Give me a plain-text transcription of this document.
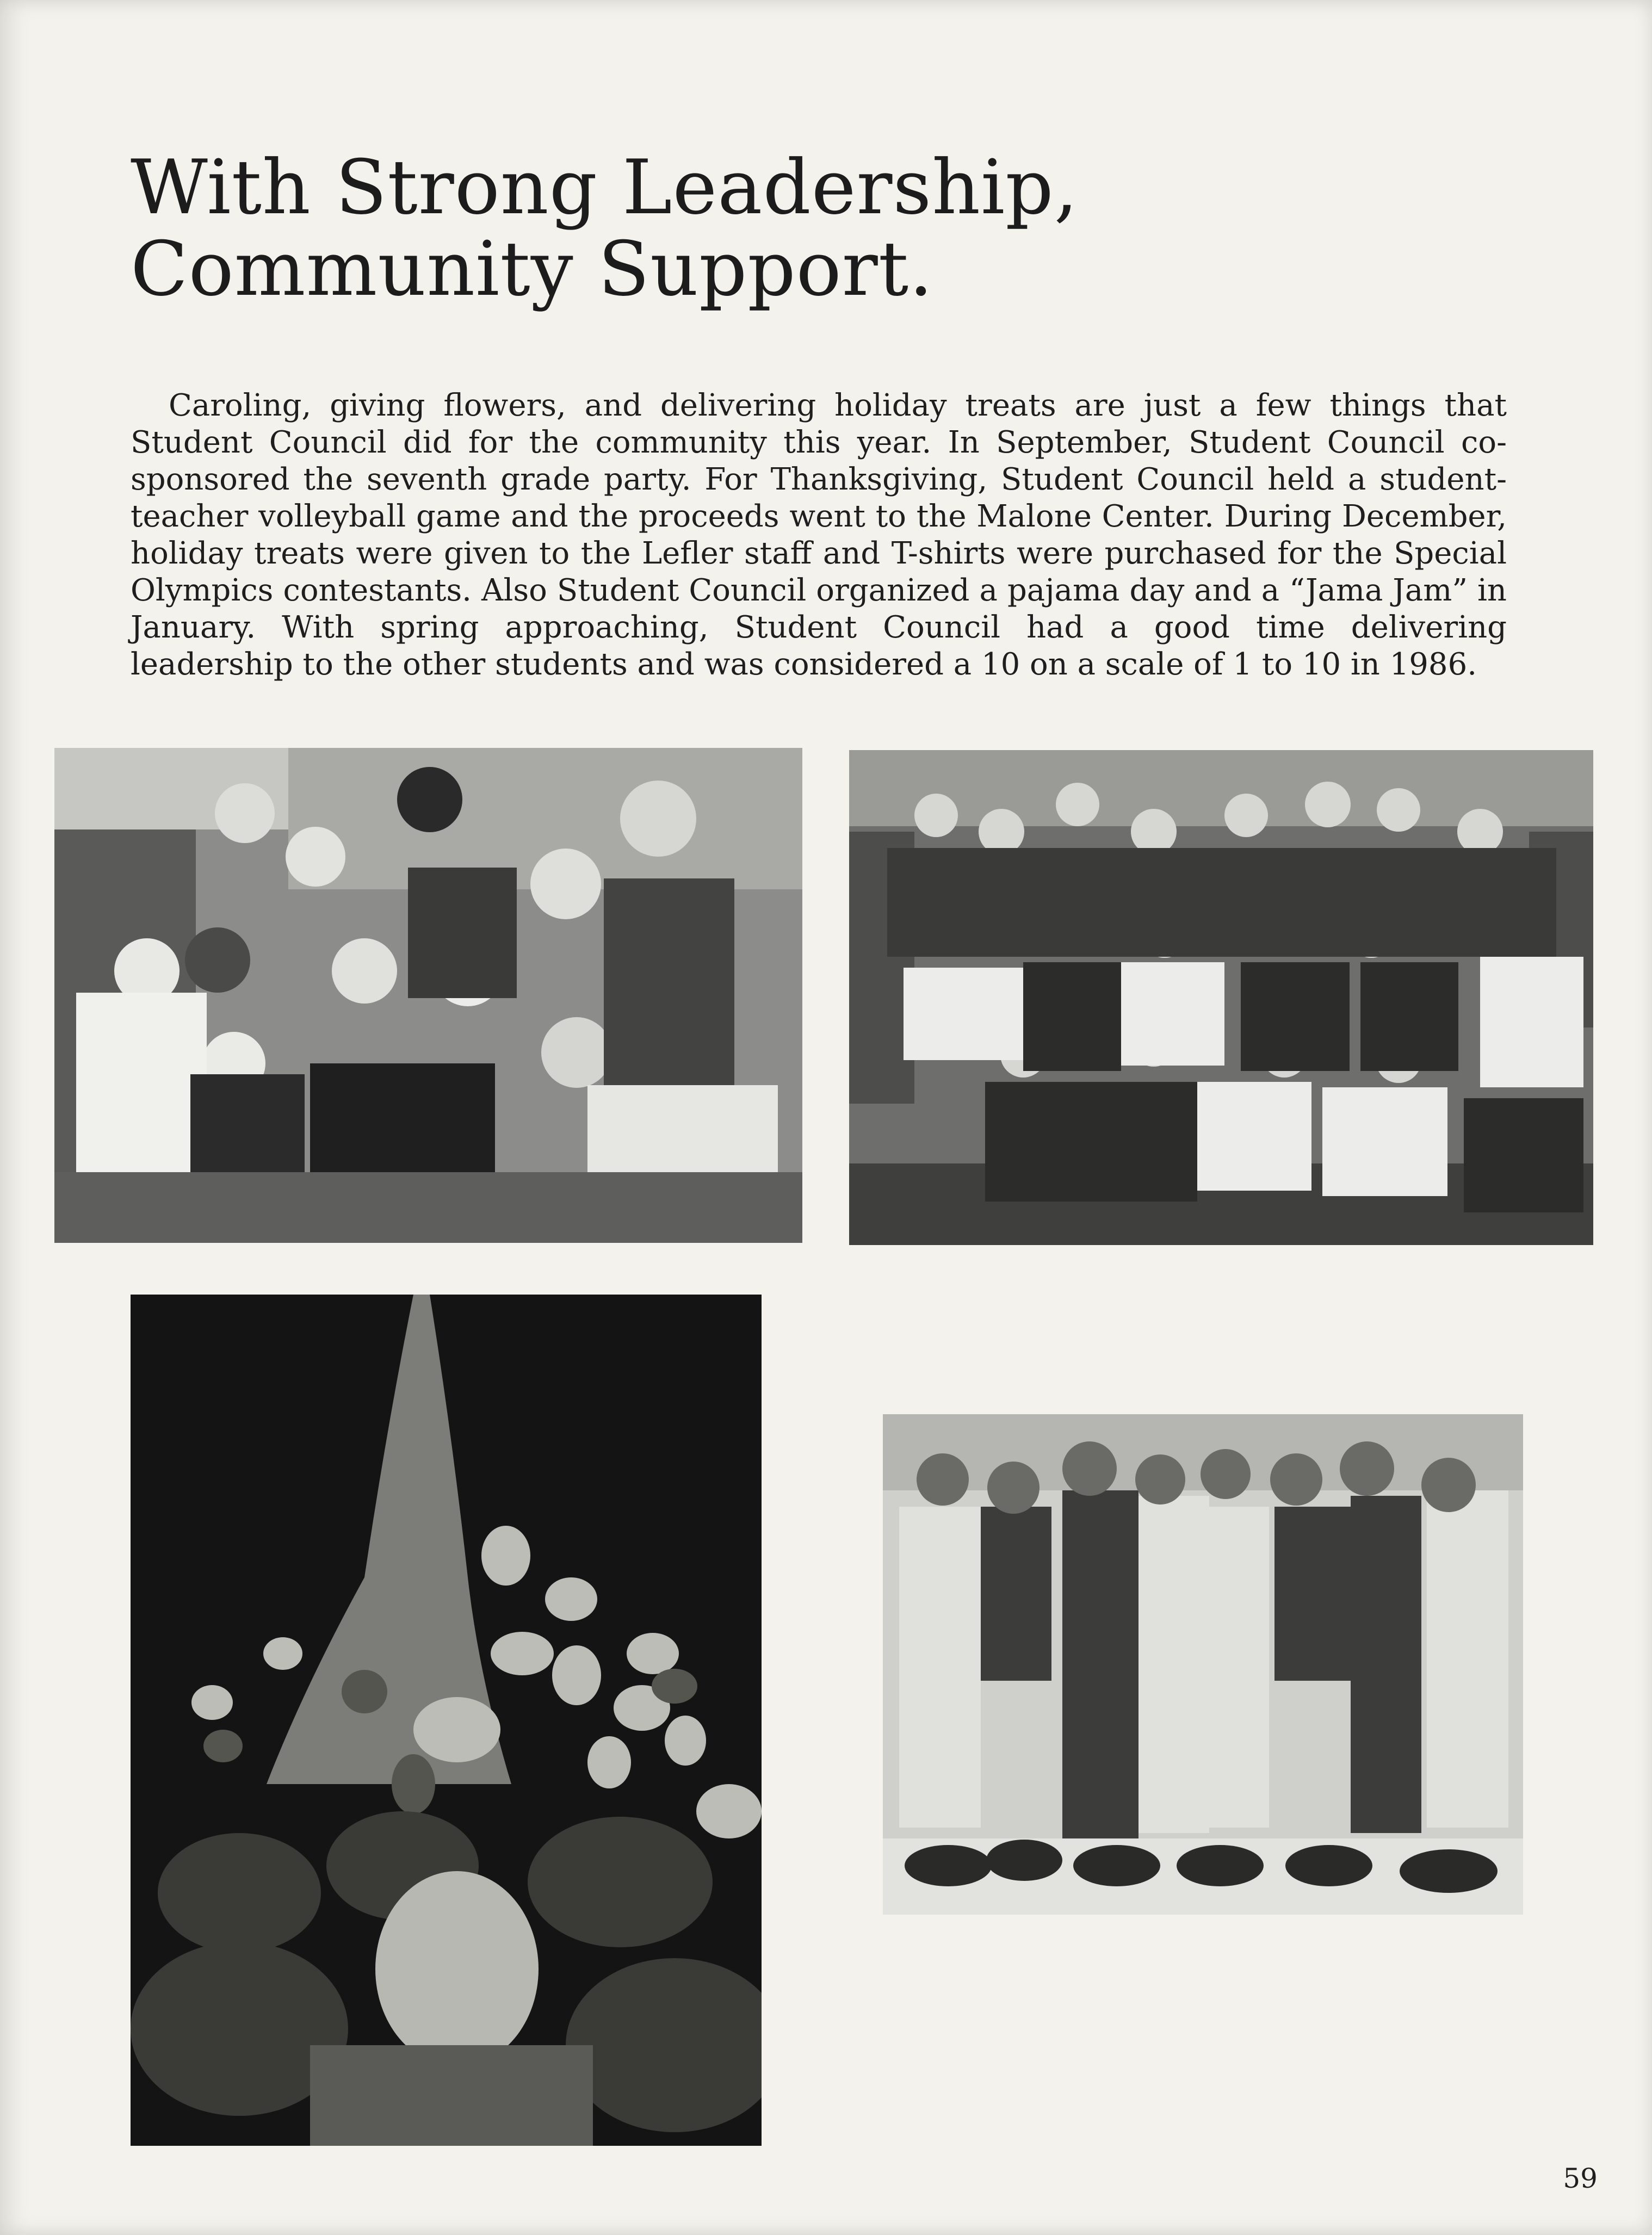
With Strong Leadership,
Community Support.

Caroling, giving flowers, and delivering holiday treats are just a few things that Student Council did for the community this year. In September, Student Council co-sponsored the seventh grade party. For Thanksgiving, Student Council held a student-teacher volleyball game and the proceeds went to the Malone Center. During December, holiday treats were given to the Lefler staff and T-shirts were purchased for the Special Olympics contestants. Also Student Council organized a pajama day and a “Jama Jam” in January. With spring approaching, Student Council had a good time delivering leadership to the other students and was considered a 10 on a scale of 1 to 10 in 1986.

59
